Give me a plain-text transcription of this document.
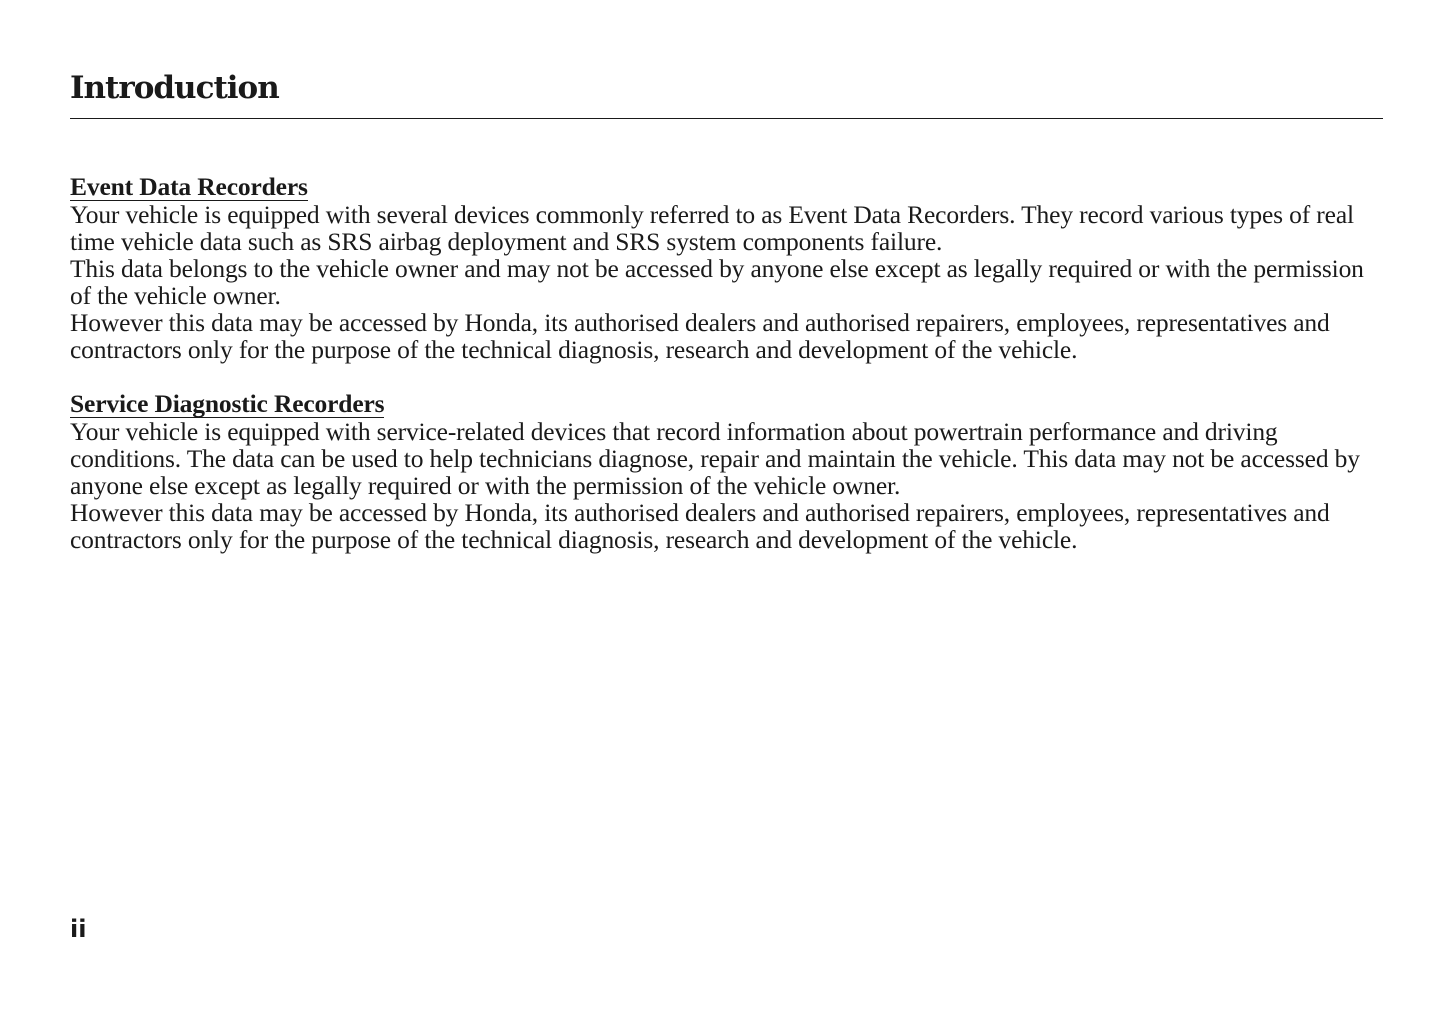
Introduction
Event Data Recorders

Your vehicle is equipped with several devices commonly referred to as Event Data Recorders. They record various types of real time vehicle data such as SRS airbag deployment and SRS system components failure.

This data belongs to the vehicle owner and may not be accessed by anyone else except as legally required or with the permission of the vehicle owner.

However this data may be accessed by Honda, its authorised dealers and authorised repairers, employees, representatives and contractors only for the purpose of the technical diagnosis, research and development of the vehicle.

Service Diagnostic Recorders

Your vehicle is equipped with service-related devices that record information about powertrain performance and driving conditions. The data can be used to help technicians diagnose, repair and maintain the vehicle. This data may not be accessed by anyone else except as legally required or with the permission of the vehicle owner.

However this data may be accessed by Honda, its authorised dealers and authorised repairers, employees, representatives and contractors only for the purpose of the technical diagnosis, research and development of the vehicle.

ii
